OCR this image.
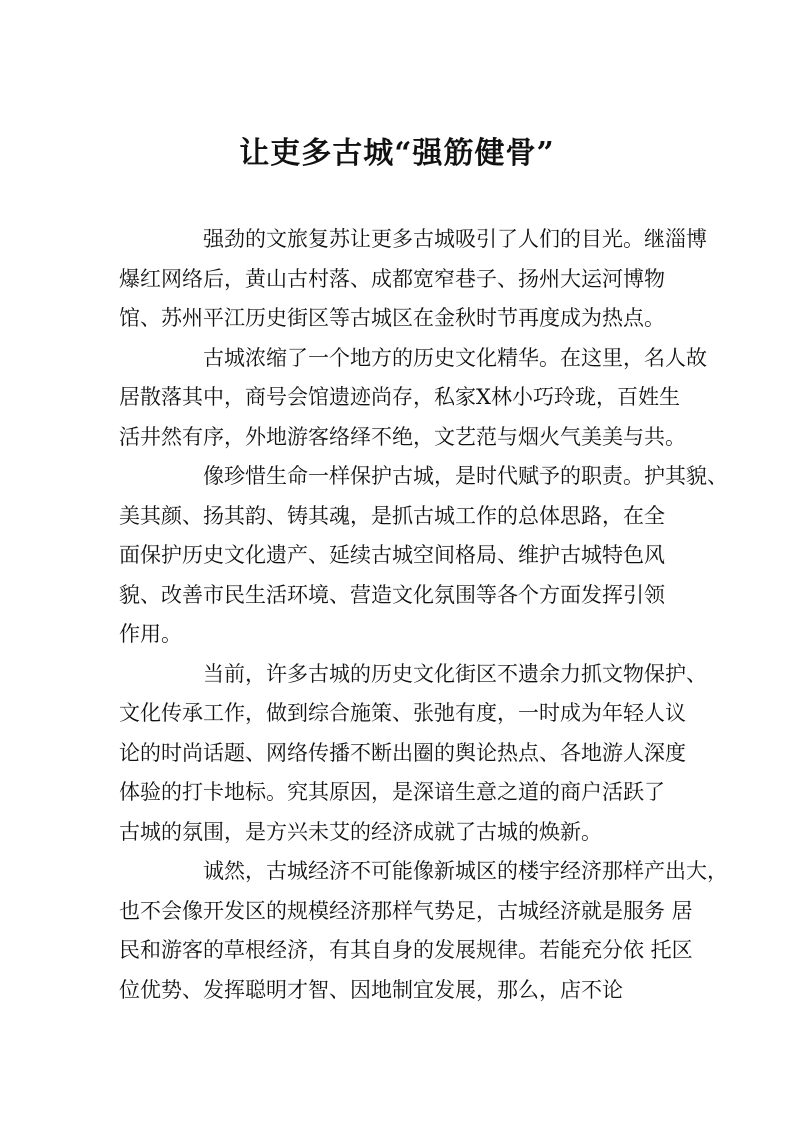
让吏多古城“强筋健骨”
强劲的文旅复苏让更多古城吸引了人们的目光。继淄博
爆红网络后，黄山古村落、成都宽窄巷子、扬州大运河博物
馆、苏州平江历史街区等古城区在金秋时节再度成为热点。
古城浓缩了一个地方的历史文化精华。在这里，名人故
居散落其中，商号会馆遗迹尚存，私家X林小巧玲珑，百姓生
活井然有序，外地游客络绎不绝，文艺范与烟火气美美与共。
像珍惜生命一样保护古城，是时代赋予的职责。护其貌、
美其颜、扬其韵、铸其魂，是抓古城工作的总体思路，在全
面保护历史文化遗产、延续古城空间格局、维护古城特色风
貌、改善市民生活环境、营造文化氛围等各个方面发挥引领
作用。
当前，许多古城的历史文化街区不遗余力抓文物保护、
文化传承工作，做到综合施策、张弛有度，一时成为年轻人议
论的时尚话题、网络传播不断出圈的舆论热点、各地游人深度
体验的打卡地标。究其原因，是深谙生意之道的商户活跃了
古城的氛围，是方兴未艾的经济成就了古城的焕新。
诚然，古城经济不可能像新城区的楼宇经济那样产出大，
也不会像开发区的规模经济那样气势足，古城经济就是服务 居
民和游客的草根经济，有其自身的发展规律。若能充分依 托区
位优势、发挥聪明才智、因地制宜发展，那么，店不论
